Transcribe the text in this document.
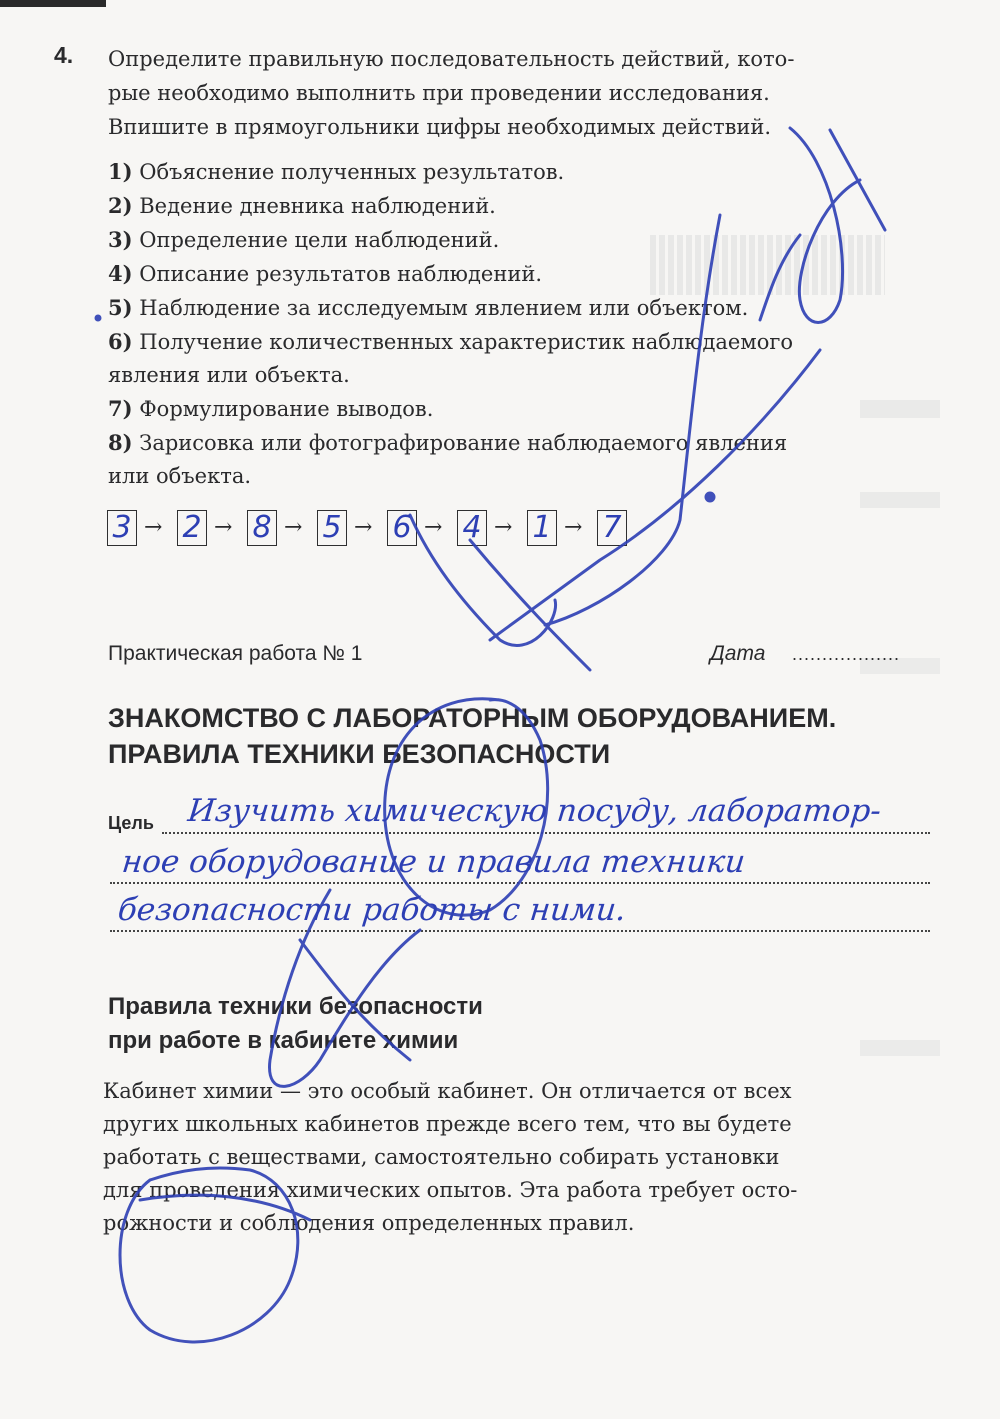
4. Определите правильную последовательность действий, кото-
рые необходимо выполнить при проведении исследования.
Впишите в прямоугольники цифры необходимых действий.
1) Объяснение полученных результатов.
2) Ведение дневника наблюдений.
3) Определение цели наблюдений.
4) Описание результатов наблюдений.
5) Наблюдение за исследуемым явлением или объектом.
6) Получение количественных характеристик наблюдаемого
явления или объекта.
7) Формулирование выводов.
8) Зарисовка или фотографирование наблюдаемого явления
или объекта.
3 → 2 → 8 → 5 → 6 → 4 → 1 → 7
Практическая работа № 1	Дата ..................
ЗНАКОМСТВО С ЛАБОРАТОРНЫМ ОБОРУДОВАНИЕМ.
ПРАВИЛА ТЕХНИКИ БЕЗОПАСНОСТИ
Цель Изучить химическую посуду, лаборатор-
ное оборудование и правила техники
безопасности работы с ними.
Правила техники безопасности
при работе в кабинете химии
Кабинет химии — это особый кабинет. Он отличается от всех
других школьных кабинетов прежде всего тем, что вы будете
работать с веществами, самостоятельно собирать установки
для проведения химических опытов. Эта работа требует осто-
рожности и соблюдения определенных правил.
